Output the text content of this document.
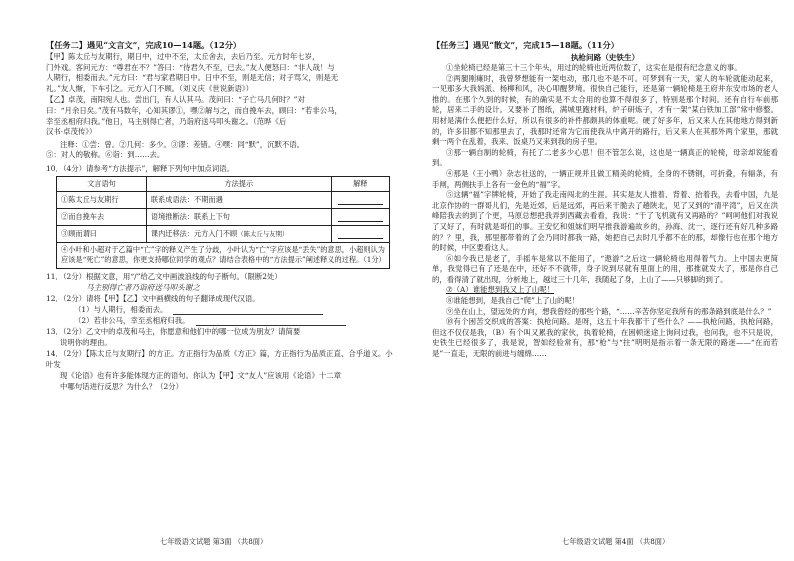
【任务二】遇见“文言文”，完成10—14题。（12分）

【甲】陈太丘与友期行，期日中，过中不至，太丘舍去，去后乃至。元方时年七岁，

门外戏。客问元方：“尊君在不？”答曰：“待君久不至，已去。”友人便怒曰：“非人哉！与

人期行，相委而去。”元方曰：“君与家君期日中。日中不至，则是无信；对子骂父，则是无

礼。”友人惭，下车引之。元方入门不顾。（刘义庆《世说新语》）

【乙】卓茂，南阳宛人也。尝出门，有人认其马。茂问曰：“子亡马几何时？”对

曰：“月余日矣。”茂有马数年，心知其谬①，嘿②解与之，而自挽车去，顾曰：“若非公马，

幸至丞相府归我。”他日，马主别得亡者，乃诣府送马叩头谢之。（范晔《后

汉书·卓茂传》）

注释：①尝：曾。②几何：多少。③谬：差错。④嘿：同“默”，沉默不语。

⑤：对人的敬称。⑥诣：到……去。

10．（4分）请参考“方法提示”，解释下列句中加点词语。

文言语句	方法提示	解释
①陈太丘与友期行	联系成语法：不期而遇	

②而自挽车去	语境推断法：联系上下句	

③顾而谓曰	课内迁移法：元方入门不顾（陈太丘与友期）	

④小叶和小超对于乙篇中“亡”字的释义产生了分歧，小叶认为“亡”字应该是“丢失”的意思，小超则认为应该是“死亡”的意思，你更支持哪位同学的观点？请结合表格中的“方法提示”阐述释义的过程。（1分）		

11．（2分）根据文意，用“/”给乙文中画波浪线的句子断句。（限断2处）

马主别得亡者乃诣府送马叩头谢之

12．（2分）请将【甲】【乙】文中画横线的句子翻译成现代汉语。

（1）与人期行，相委而去。

（2）若非公马，幸至丞相府归我。

13．（2分）乙文中的卓茂和马主，你愿意和他们中的哪一位成为朋友？请简要

说明你的理由。

14．（2分）【陈太丘与友期行】的方正。方正指行为品质《方正》篇，方正指行为品质正直、合乎道义。小叶发

现《论语》也有许多能体现方正的语句。你认为【甲】文“友人”应该用《论语》十二章

中哪句话进行反思？为什么？（2分）

七年级语文试题 第3面 （共8面）
【任务三】遇见“散文”，完成15—18题。（11分）
执枪问路（史铁生）

①坐轮椅已经是第三十三个年头，用过的轮椅也近两位数了，这实在是很有纪念意义的事。

②两腿刚瘫时，我曾梦想能有一架电动，那几也不是不可。可梦到有一天，家人的车轮就能动起来，一见那多大我妈派、杨柳和风，决心叩醒梦境。很快自己能行，还是第一辆轮椅是王府井东安市场的老人推的。在那个久到的时候，有的确实是不太合用的也算不得很多了，特别是那个时间。还有自行车前那轮，居来二手的设计。又要补了图纸，满城里跑材料，炉子研炼子，才有一架“某白铁加工部”常中修整。用材是满什么便把什么好，所以有很多的补件都颇具的体重呢。硬了好多年，后又来人在其他地方得到新的，许多旧都不知那里去了，我那时还常为它而使我从中离开的路行，后又来人在其那外两个家里，那就剩一两个在乱着，我来、饭桌乃又来到我的房子里。

③那一辆自制的轮椅，有托了二老多少心思！但不管怎么说，这也是一辆真正的轮椅，母亲却说能看到。

④那是（王小鸭）杂志社送的，一辆正规并且做工精美的轮椅，全身的不锈钢，可折叠，有辐条，有手闸，两侧扶手上各有一金色的“福”字。

⑤这辆“福”字牌轮椅，开始了我走南闯北的生涯。其实是友人推着、背着、抬着我，去看中国，九是北京作协的一群哥儿们，先是近郊，后是远郊，再后来干脆去了趟陕北，见了又到的“清平湾”，后又在洪峰陪我去的到了个更，马原总想把我弄到西藏去看看，我说：“干了飞机就有又再路的？”呵呵他们对我说了又好了，有时就是哥们的事。王安忆和姐妹们明早推我游遍故乡的，孙海、沈一，逐行还有好几种多路的？？里，我，那里都带着的了会乃同时都我一路，她把自己去时几乎都不在的那，却像行也在那个地方的时候，中区要看这人。

⑥如今我已是老了，手摇车是常以不能用了，“遨游”之后这一辆轮椅也用得着气力。上中国去更简单，我觉得已有了还是在中，还好不不就带，身子说到尽就有里面上的用，那推就发大了，那是你自己的，看得清了就出现，分析地上，越过三十几年，我随起了身，上山了——只够脚的到了。

⑦（A）谁能想到我又上了山呢！

⑧谁能想到，是我自己“爬”上了山的呢！

⑨坐在山上，望远处的方向，想我曾经的那些个路，“……辛苦你坚定我所有的那条路到底是什么？”

⑩有个困苦交织成的答案：执枪问路。是呀，这五十年我都干了些什么？——执枪问路，执枪问路，但这不仅仅是我，（B）有个叫又累我的家伙，执着轮椅，在困顿迷途上询问过我，也问我，也不只是说，史铁生已经很多了，我是说，智如经验常有，那“枪”与“拄”明明是指示着一条无限的路迷——“在而若是”一直走，无限的前进与缠绵……

七年级语文试题 第4面 （共8面）
